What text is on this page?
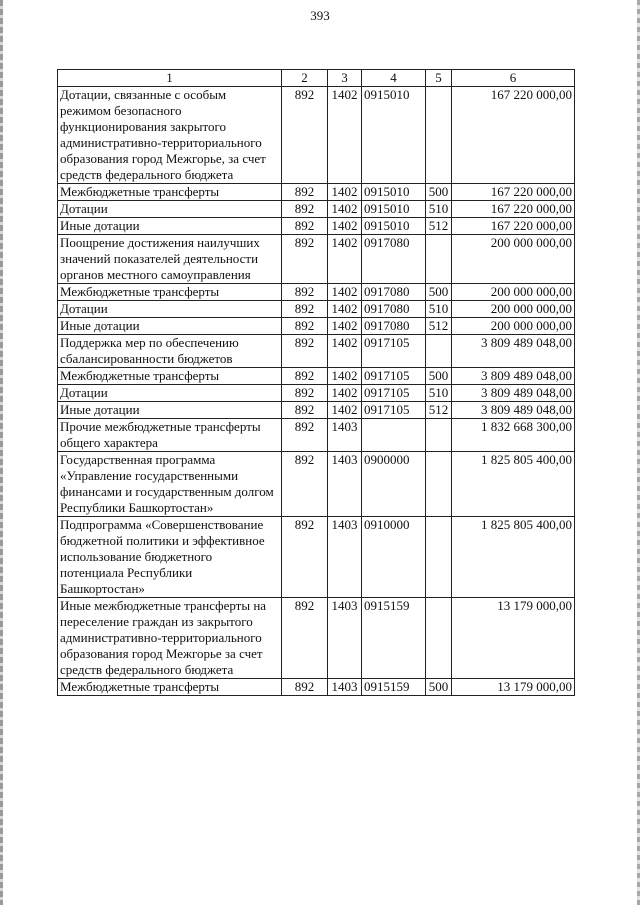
393
1	2	3	4	5	6
Дотации, связанные с особым режимом безопасного функционирования закрытого административно-территориального образования город Межгорье, за счет средств федерального бюджета	892	1402	0915010		167 220 000,00
Межбюджетные трансферты	892	1402	0915010	500	167 220 000,00
Дотации	892	1402	0915010	510	167 220 000,00
Иные дотации	892	1402	0915010	512	167 220 000,00
Поощрение достижения наилучших значений показателей деятельности органов местного самоуправления	892	1402	0917080		200 000 000,00
Межбюджетные трансферты	892	1402	0917080	500	200 000 000,00
Дотации	892	1402	0917080	510	200 000 000,00
Иные дотации	892	1402	0917080	512	200 000 000,00
Поддержка мер по обеспечению сбалансированности бюджетов	892	1402	0917105		3 809 489 048,00
Межбюджетные трансферты	892	1402	0917105	500	3 809 489 048,00
Дотации	892	1402	0917105	510	3 809 489 048,00
Иные дотации	892	1402	0917105	512	3 809 489 048,00
Прочие межбюджетные трансферты общего характера	892	1403			1 832 668 300,00
Государственная программа «Управление государственными финансами и государственным долгом Республики Башкортостан»	892	1403	0900000		1 825 805 400,00
Подпрограмма «Совершенствование бюджетной политики и эффективное использование бюджетного потенциала Республики Башкортостан»	892	1403	0910000		1 825 805 400,00
Иные межбюджетные трансферты на переселение граждан из закрытого административно-территориального образования город Межгорье за счет средств федерального бюджета	892	1403	0915159		13 179 000,00
Межбюджетные трансферты	892	1403	0915159	500	13 179 000,00
